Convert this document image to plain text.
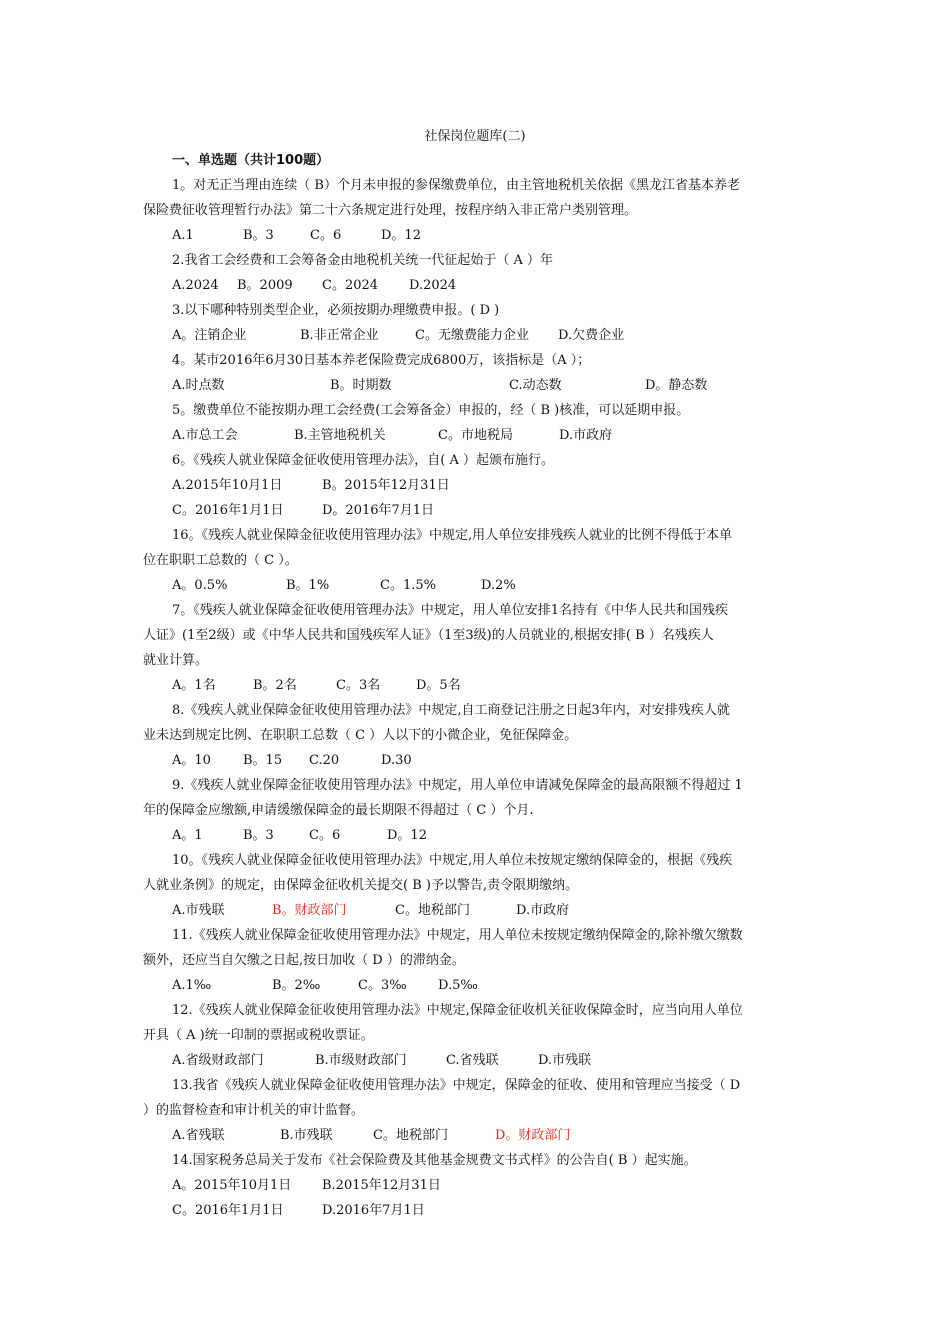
社保岗位题库(二)
一、单选题（共计100题）
1。对无正当理由连续（ B）个月未申报的参保缴费单位，由主管地税机关依据《黑龙江省基本养老
保险费征收管理暂行办法》第二十六条规定进行处理，按程序纳入非正常户类别管理。
A.1	B。3	C。6	D。12
2.我省工会经费和工会筹备金由地税机关统一代征起始于（ A ）年
A.2024 B。2009 C。2024 D.2024
3.以下哪种特别类型企业，必须按期办理缴费申报。( D )
A。注销企业	B.非正常企业	C。无缴费能力企业 D.欠费企业
4。某市2016年6月30日基本养老保险费完成6800万，该指标是（A ）；
A.时点数	B。时期数	C.动态数	D。静态数
5。缴费单位不能按期办理工会经费(工会筹备金）申报的，经（ B )核准，可以延期申报。
A.市总工会	B.主管地税机关	C。市地税局	D.市政府
6。《残疾人就业保障金征收使用管理办法》，自( A ）起颁布施行。
A.2015年10月1日	B。2015年12月31日
C。2016年1月1日	D。2016年7月1日
16。《残疾人就业保障金征收使用管理办法》中规定,用人单位安排残疾人就业的比例不得低于本单
位在职职工总数的（ C ）。
A。0.5%	B。1%	C。1.5%	D.2%
7。《残疾人就业保障金征收使用管理办法》中规定，用人单位安排1名持有《中华人民共和国残疾
人证》(1至2级）或《中华人民共和国残疾军人证》（1至3级)的人员就业的,根据安排( B ）名残疾人
就业计算。
A。1名	B。2名	C。3名	D。5名
8.《残疾人就业保障金征收使用管理办法》中规定,自工商登记注册之日起3年内，对安排残疾人就
业未达到规定比例、在职职工总数（ C ）人以下的小微企业，免征保障金。
A。10 B。15 C.20	D.30
9.《残疾人就业保障金征收使用管理办法》中规定，用人单位申请减免保障金的最高限额不得超过 1
年的保障金应缴额,申请缓缴保障金的最长期限不得超过（ C ）个月.
A。1	B。3	C。6	D。12
10。《残疾人就业保障金征收使用管理办法》中规定,用人单位未按规定缴纳保障金的，根据《残疾
人就业条例》的规定，由保障金征收机关提交( B )予以警告,责令限期缴纳。
A.市残联	B。财政部门	C。地税部门	D.市政府
11.《残疾人就业保障金征收使用管理办法》中规定，用人单位未按规定缴纳保障金的,除补缴欠缴数
额外，还应当自欠缴之日起,按日加收（ D ）的滞纳金。
A.1‰	B。2‰	C。3‰ D.5‰
12.《残疾人就业保障金征收使用管理办法》中规定,保障金征收机关征收保障金时，应当向用人单位
开具（ A )统一印制的票据或税收票证。
A.省级财政部门	B.市级财政部门	C.省残联	D.市残联
13.我省《残疾人就业保障金征收使用管理办法》中规定，保障金的征收、使用和管理应当接受（ D
）的监督检查和审计机关的审计监督。
A.省残联	B.市残联	C。地税部门	D。财政部门
14.国家税务总局关于发布《社会保险费及其他基金规费文书式样》的公告自( B ）起实施。
A。2015年10月1日 B.2015年12月31日
C。2016年1月1日	D.2016年7月1日
